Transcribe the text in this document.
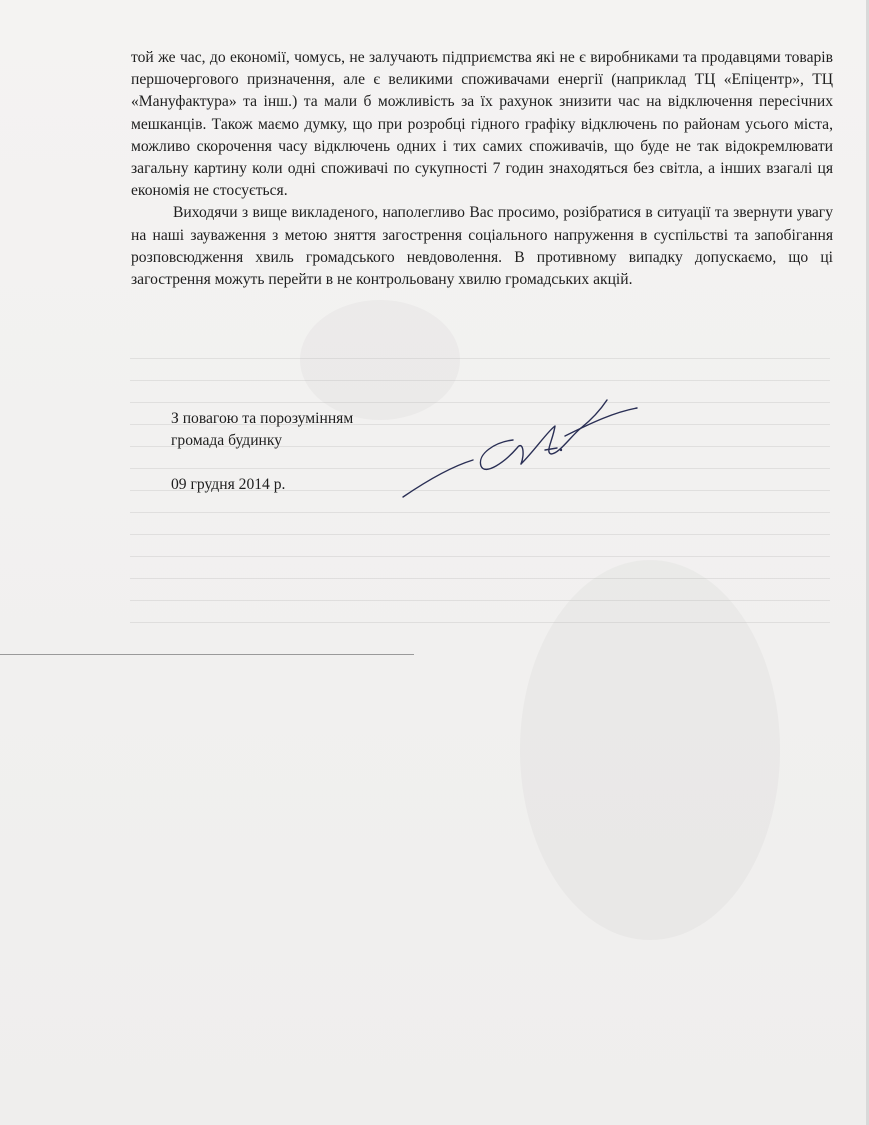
той же час, до економії, чомусь, не залучають підприємства які не є виробниками та продавцями товарів першочергового призначення, але є великими споживачами енергії (наприклад ТЦ «Епіцентр», ТЦ «Мануфактура» та інш.) та мали б можливість за їх рахунок знизити час на відключення пересічних мешканців. Також маємо думку, що при розробці гідного графіку відключень по районам усього міста, можливо скорочення часу відключень одних і тих самих споживачів, що буде не так відокремлювати загальну картину коли одні споживачі по сукупності 7 годин знаходяться без світла, а інших взагалі ця економія не стосується.

Виходячи з вище викладеного, наполегливо Вас просимо, розібратися в ситуації та звернути увагу на наші зауваження з метою зняття загострення соціального напруження в суспільстві та запобігання розповсюдження хвиль громадського невдоволення. В противному випадку допускаємо, що ці загострення можуть перейти в не контрольовану хвилю громадських акцій.

З повагою та порозумінням
громада будинку
09 грудня 2014 р.
